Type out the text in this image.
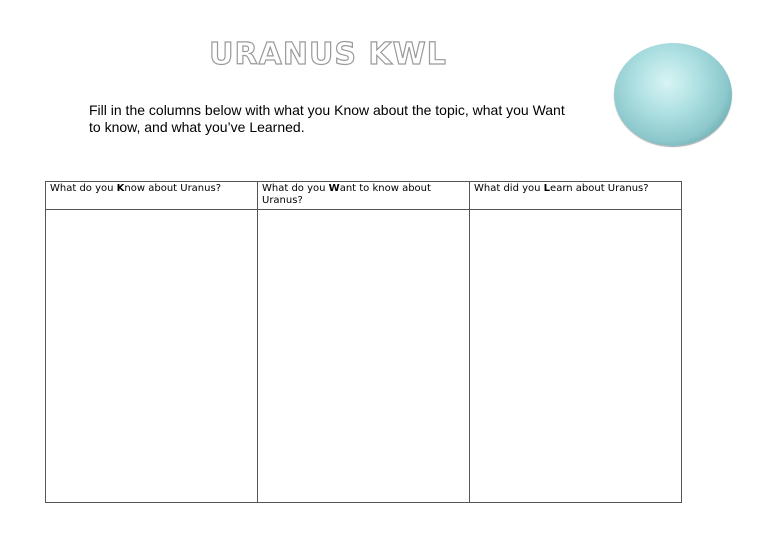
URANUS KWL
Fill in the columns below with what you Know about the topic, what you Want to know, and what you’ve Learned.
What do you Know about Uranus?	What do you Want to know about Uranus?	What did you Learn about Uranus?
